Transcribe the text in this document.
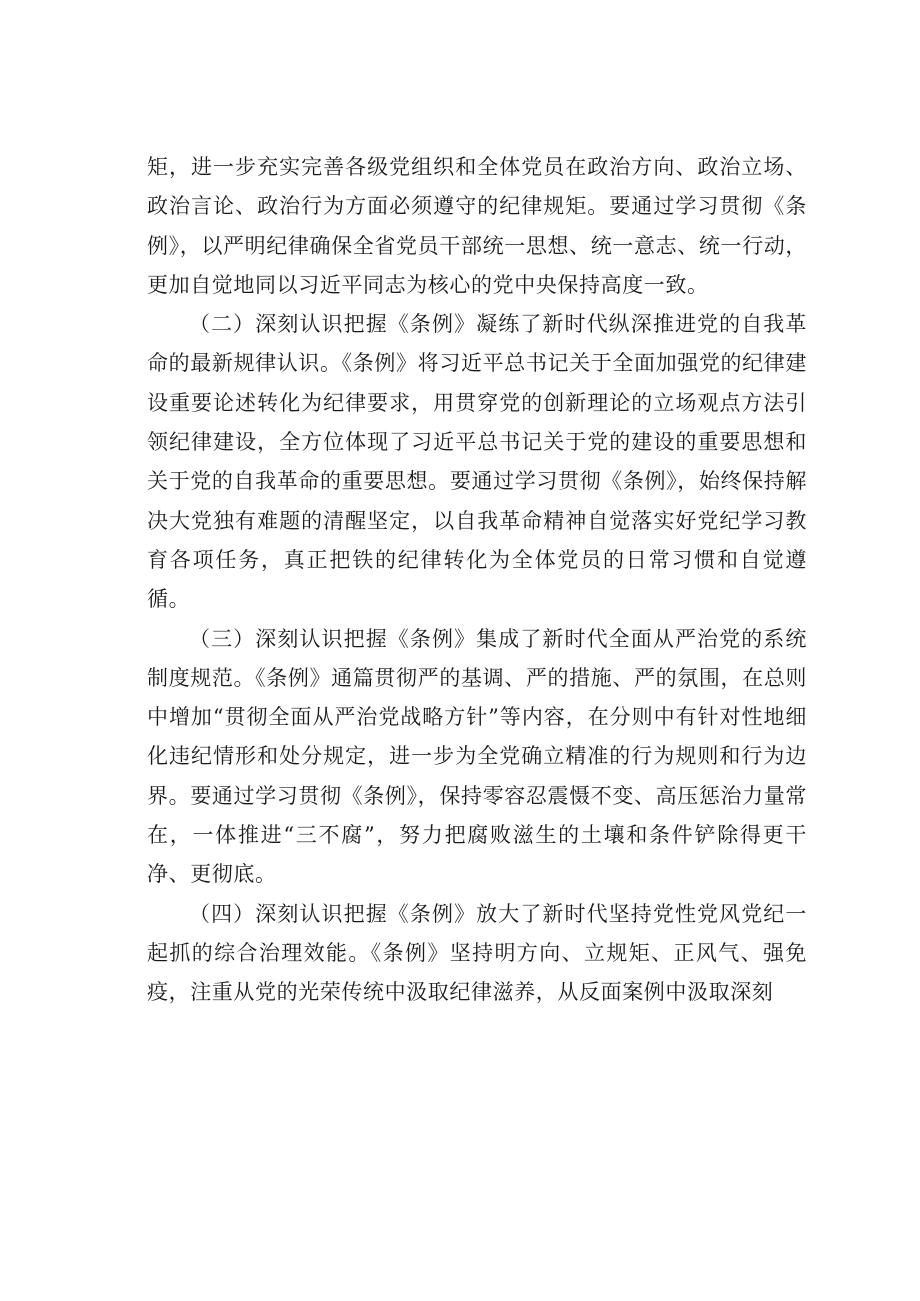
矩，进一步充实完善各级党组织和全体党员在政治方向、政治立场、政治言论、政治行为方面必须遵守的纪律规矩。要通过学习贯彻《条例》，以严明纪律确保全省党员干部统一思想、统一意志、统一行动，更加自觉地同以习近平同志为核心的党中央保持高度一致。

（二）深刻认识把握《条例》凝练了新时代纵深推进党的自我革命的最新规律认识。《条例》将习近平总书记关于全面加强党的纪律建设重要论述转化为纪律要求，用贯穿党的创新理论的立场观点方法引领纪律建设，全方位体现了习近平总书记关于党的建设的重要思想和关于党的自我革命的重要思想。要通过学习贯彻《条例》，始终保持解决大党独有难题的清醒坚定，以自我革命精神自觉落实好党纪学习教育各项任务，真正把铁的纪律转化为全体党员的日常习惯和自觉遵循。

（三）深刻认识把握《条例》集成了新时代全面从严治党的系统制度规范。《条例》通篇贯彻严的基调、严的措施、严的氛围，在总则中增加“贯彻全面从严治党战略方针”等内容，在分则中有针对性地细化违纪情形和处分规定，进一步为全党确立精准的行为规则和行为边界。要通过学习贯彻《条例》，保持零容忍震慑不变、高压惩治力量常在，一体推进“三不腐”，努力把腐败滋生的土壤和条件铲除得更干净、更彻底。

（四）深刻认识把握《条例》放大了新时代坚持党性党风党纪一起抓的综合治理效能。《条例》坚持明方向、立规矩、正风气、强免疫，注重从党的光荣传统中汲取纪律滋养，从反面案例中汲取深刻
